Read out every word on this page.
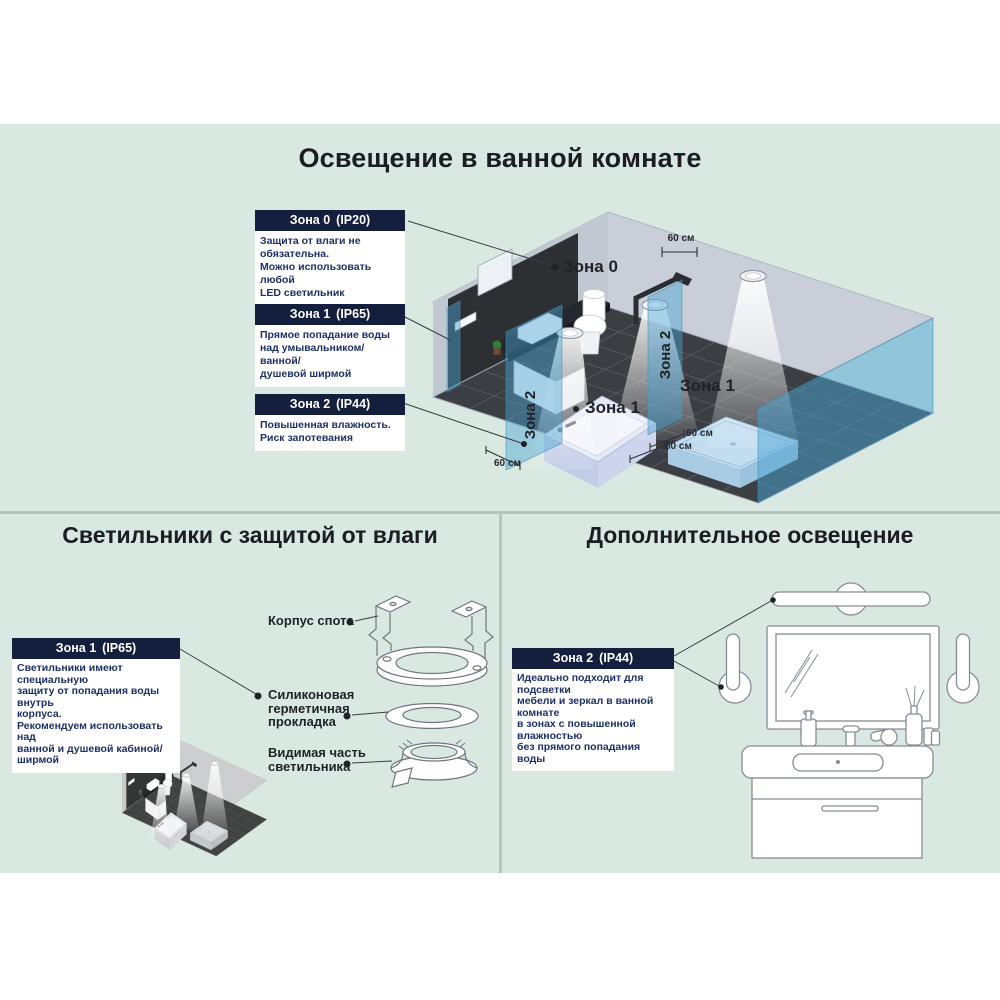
Освещение в ванной комнате
Зона 0 (IP20)
Защита от влаги не обязательна.
Можно использовать любой
LED светильник
Зона 1 (IP65)
Прямое попадание воды
над умывальником/ванной/
душевой ширмой
Зона 2 (IP44)
Повышенная влажность.
Риск запотевания
Зона 0
Зона 1
Зона 1
Зона 2
Зона 2
60 см
60 см
60 см
60 см
Светильники с защитой от влаги
Зона 1 (IP65)
Светильники имеют специальную
защиту от попадания воды внутрь
корпуса.
Рекомендуем использовать над
ванной и душевой кабиной/ширмой
Корпус спота
Силиконовая
герметичная
прокладка
Видимая часть
светильника
Дополнительное освещение
Зона 2 (IP44)
Идеально подходит для подсветки
мебели и зеркал в ванной комнате
в зонах с повышенной влажностью
без прямого попадания воды
